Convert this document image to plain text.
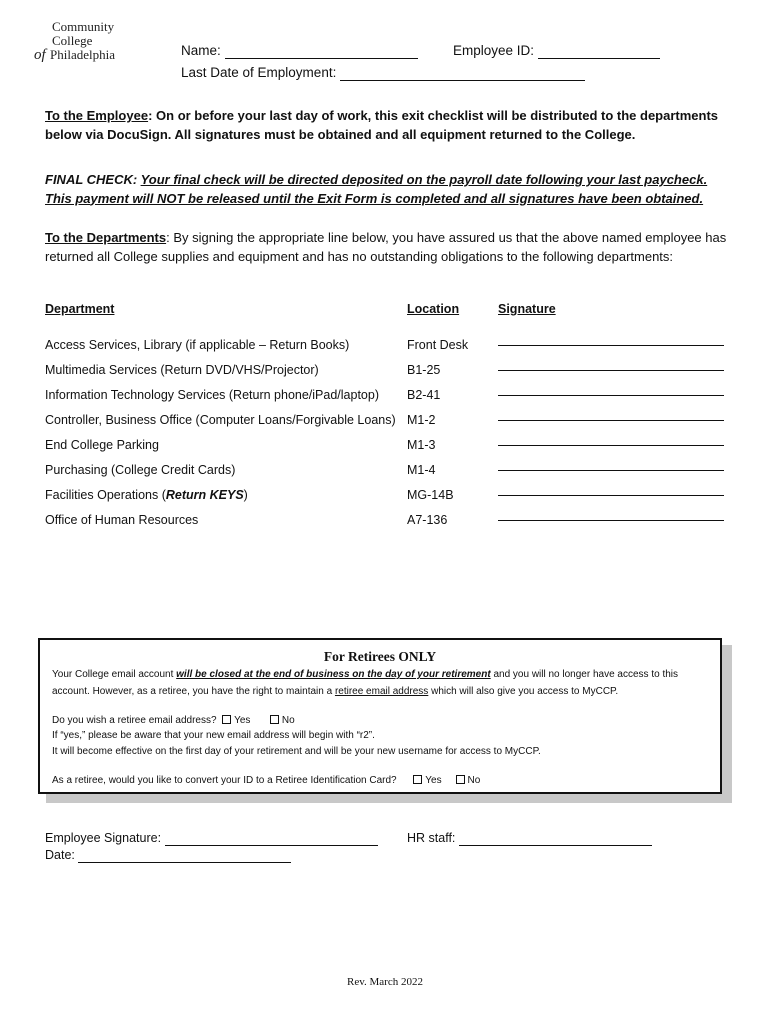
Community
College
of Philadelphia	Name:	Employee ID:
Last Date of Employment:
To the Employee: On or before your last day of work, this exit checklist will be distributed to the departments below via DocuSign. All signatures must be obtained and all equipment returned to the College.
FINAL CHECK: Your final check will be directed deposited on the payroll date following your last paycheck.
This payment will NOT be released until the Exit Form is completed and all signatures have been obtained.
To the Departments: By signing the appropriate line below, you have assured us that the above named employee has returned all College supplies and equipment and has no outstanding obligations to the following departments:
Department	Location	Signature
Access Services, Library (if applicable – Return Books)	Front Desk
Multimedia Services (Return DVD/VHS/Projector)	B1-25
Information Technology Services (Return phone/iPad/laptop) B2-41
Controller, Business Office (Computer Loans/Forgivable Loans) M1-2
End College Parking	M1-3
Purchasing (College Credit Cards)	M1-4
Facilities Operations (Return KEYS)	MG-14B
Office of Human Resources	A7-136
For Retirees ONLY
Your College email account will be closed at the end of business on the day of your retirement and you will no longer have access to this
account. However, as a retiree, you have the right to maintain a retiree email address which will also give you access to MyCCP.
Do you wish a retiree email address? Yes	No
If “yes,” please be aware that your new email address will begin with “r2”.
It will become effective on the first day of your retirement and will be your new username for access to MyCCP.
As a retiree, would you like to convert your ID to a Retiree Identification Card?	Yes	No
Employee Signature:	HR staff:
Date:
Rev. March 2022
